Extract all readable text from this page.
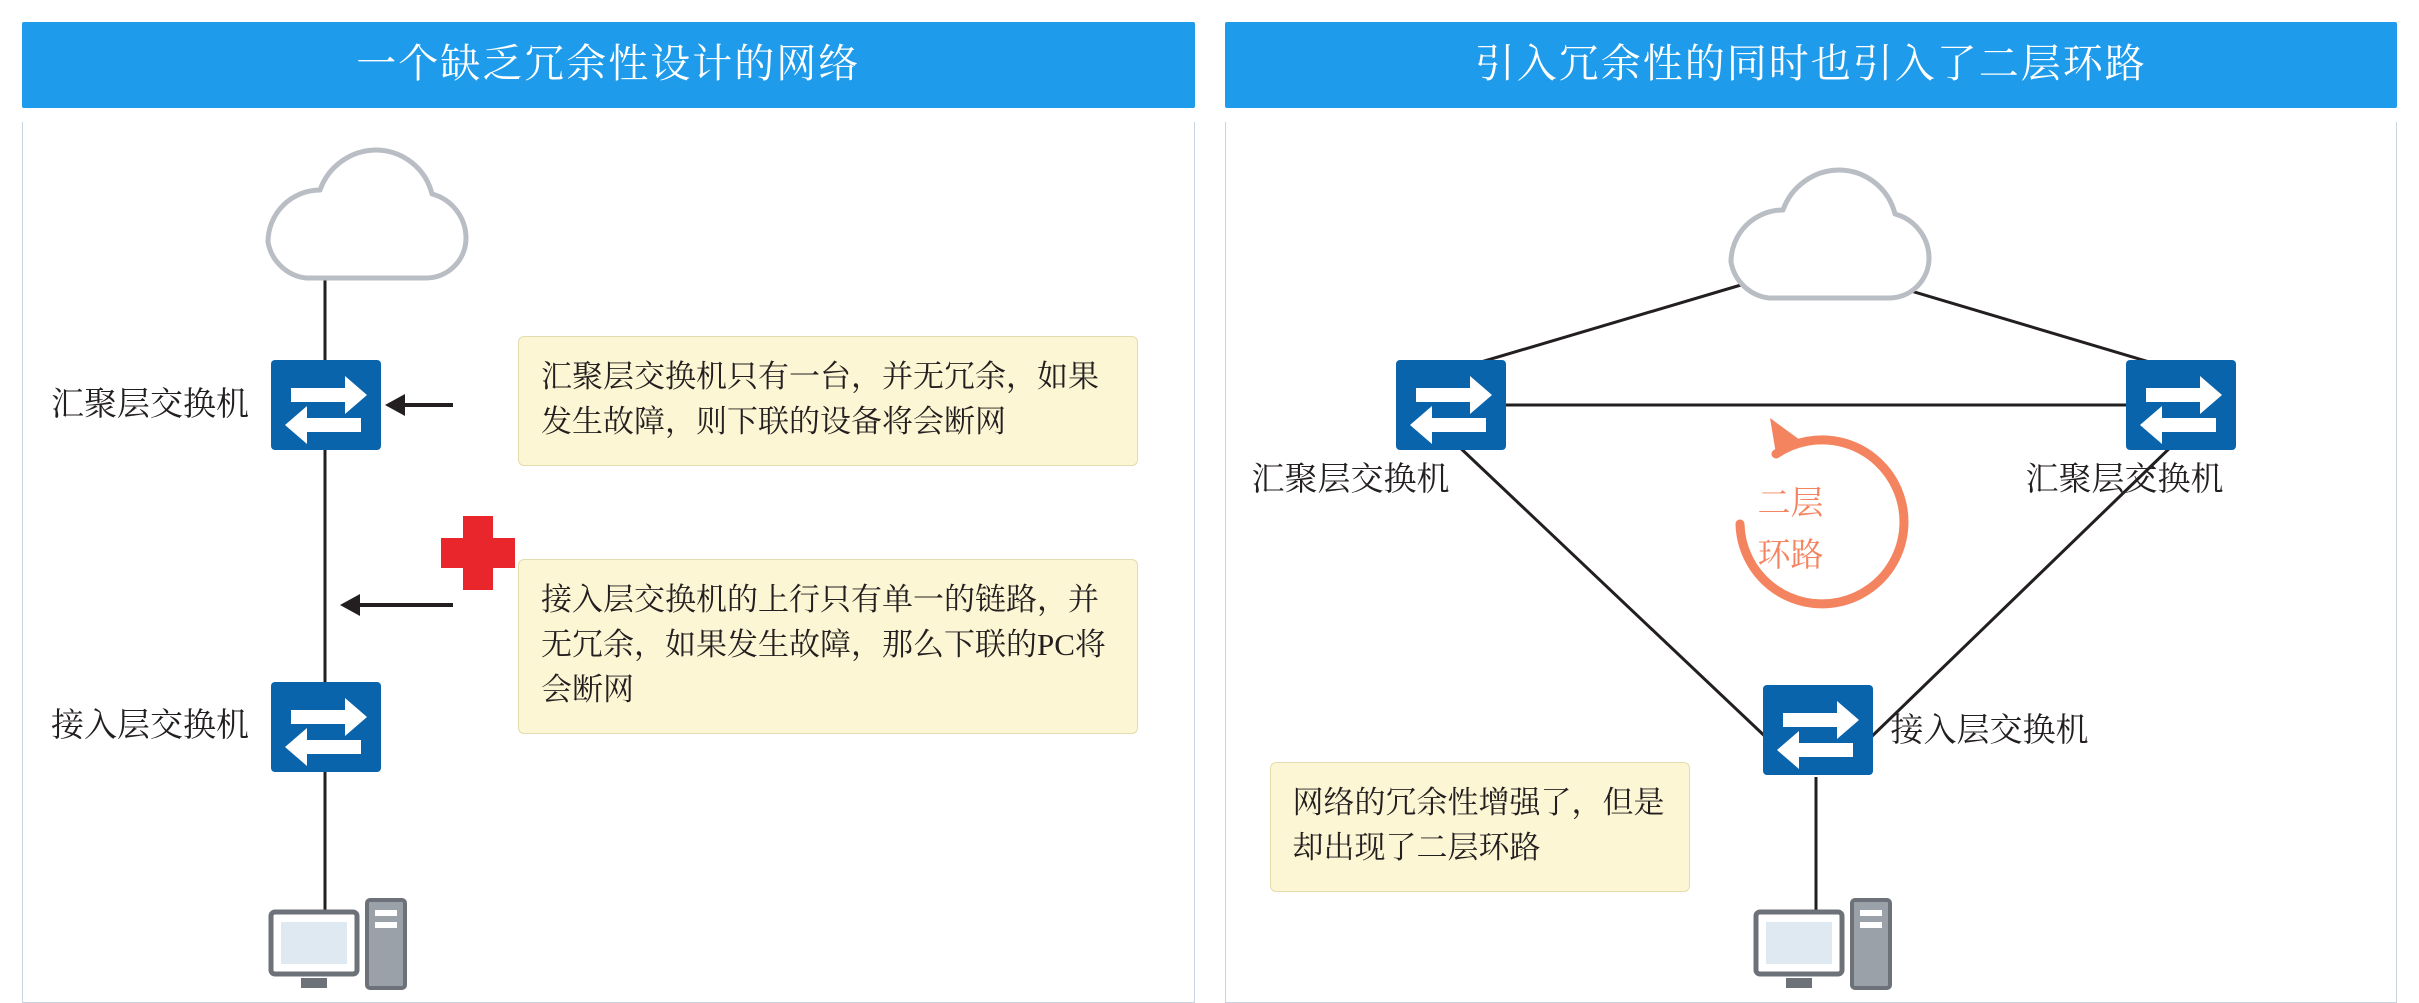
一个缺乏冗余性设计的网络
汇聚层交换机
接入层交换机
汇聚层交换机只有一台，并无冗余，如果发生故障，则下联的设备将会断网
接入层交换机的上行只有单一的链路，并无冗余，如果发生故障，那么下联的PC将会断网
引入冗余性的同时也引入了二层环路
汇聚层交换机	汇聚层交换机
接入层交换机
二层
环路
网络的冗余性增强了，但是却出现了二层环路
